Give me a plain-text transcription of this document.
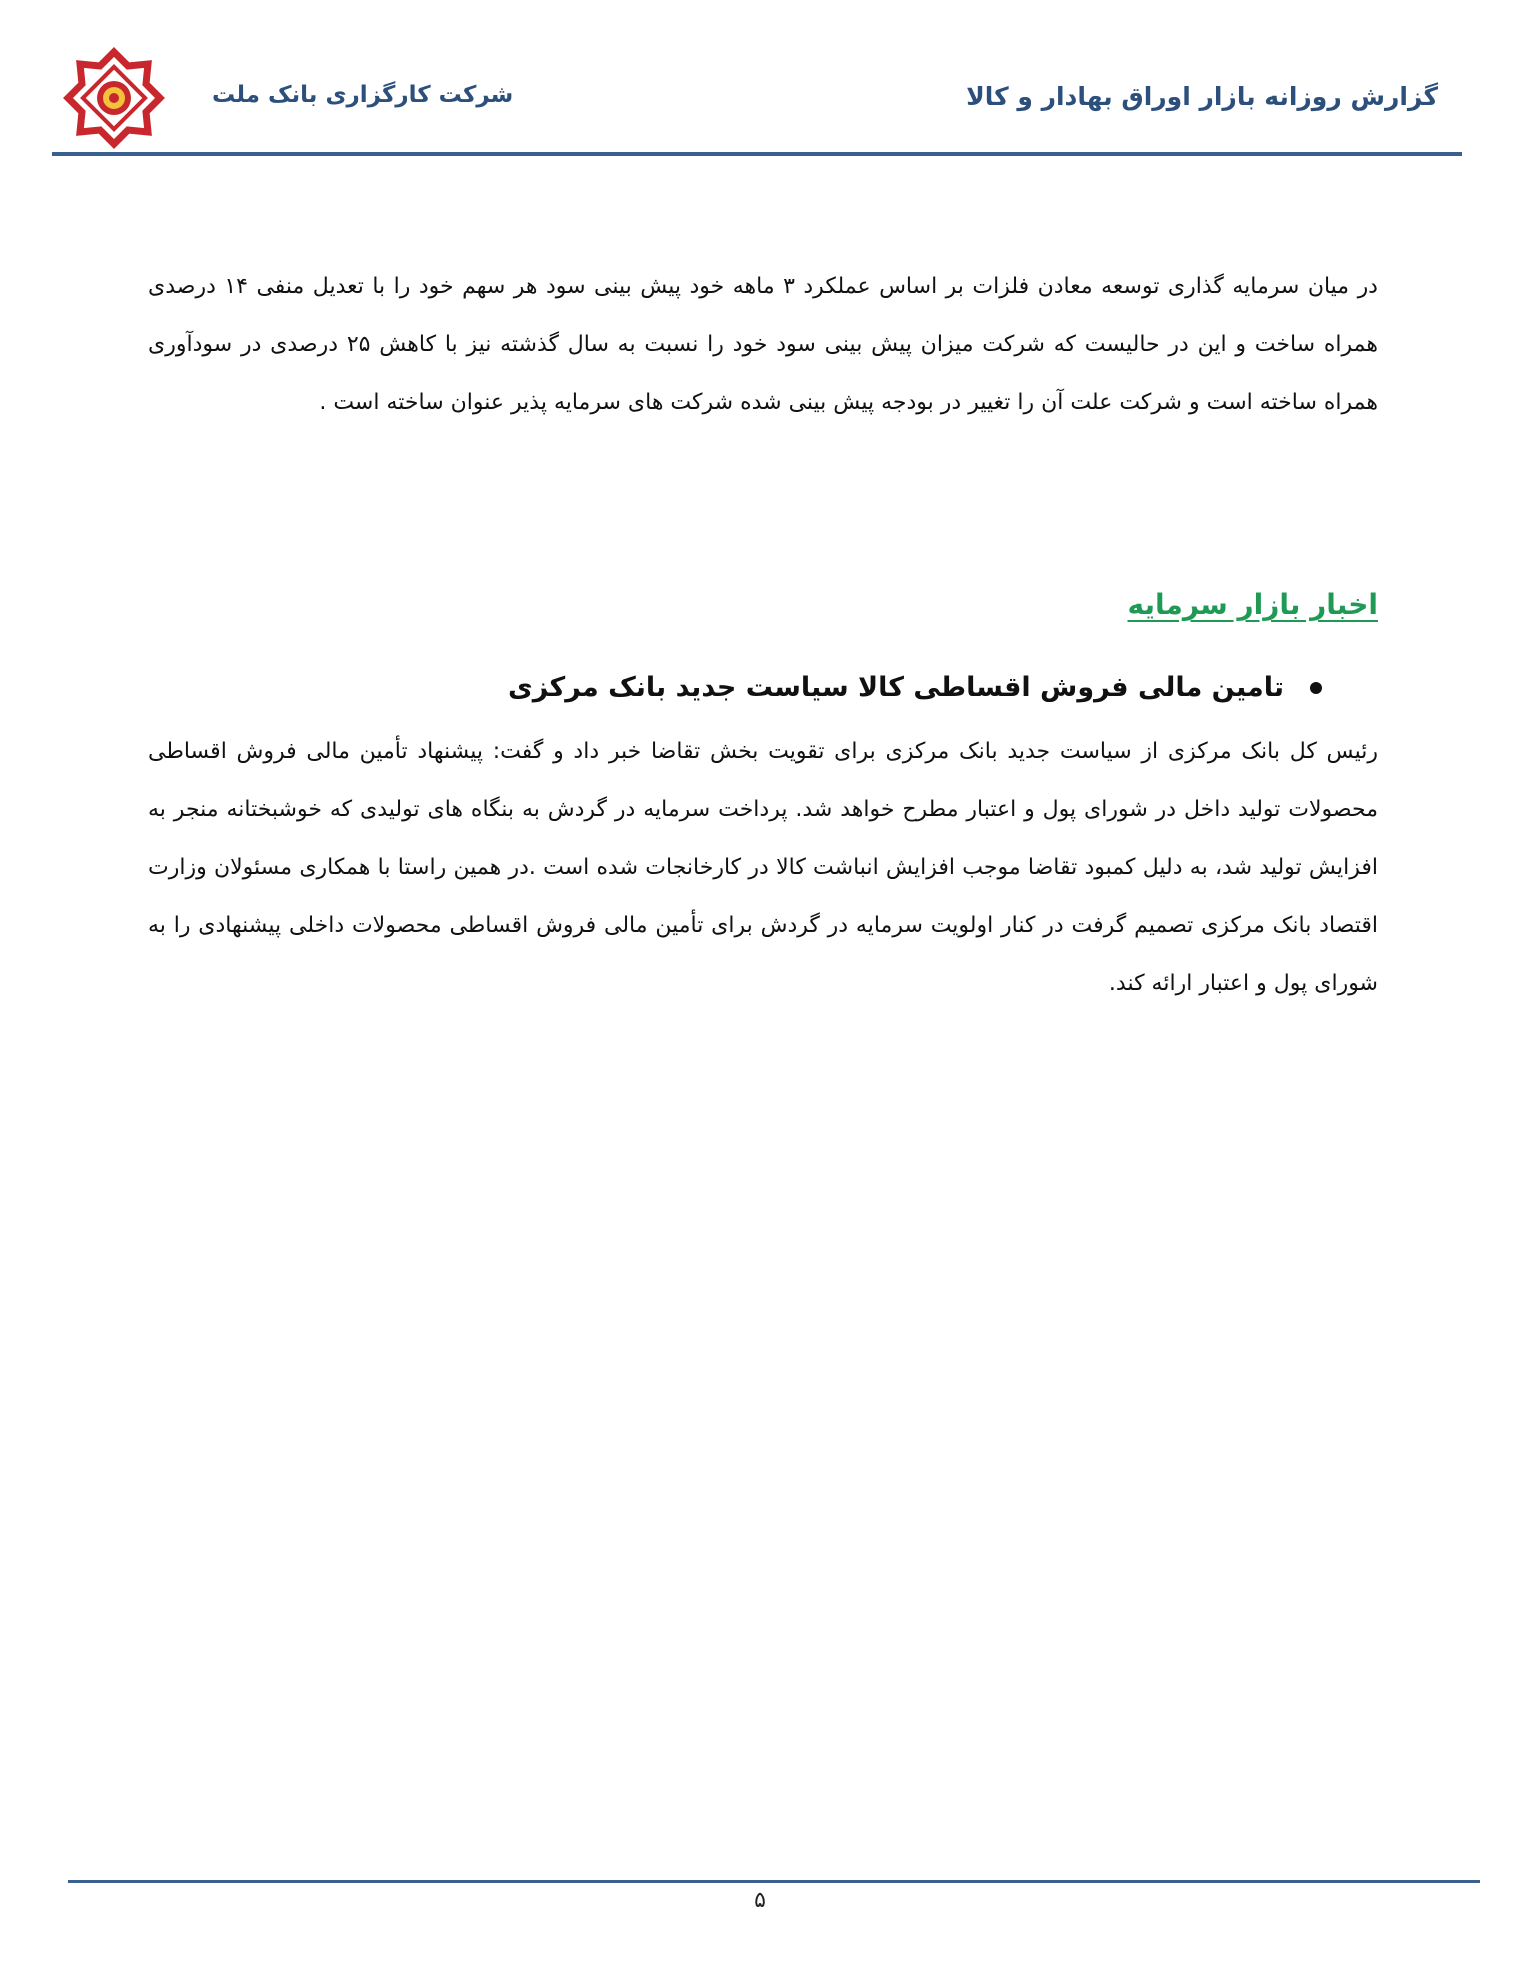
گزارش روزانه بازار اوراق بهادار و کالا
شرکت کارگزاری بانک ملت
در میان سرمایه گذاری توسعه معادن فلزات بر اساس عملکرد ۳ ماهه خود پیش بینی سود هر سهم خود را با تعدیل منفی ۱۴ درصدی همراه ساخت و این در حالیست که شرکت میزان پیش بینی سود خود را نسبت به سال گذشته نیز با کاهش ۲۵ درصدی در سودآوری همراه ساخته است و شرکت علت آن را تغییر در بودجه پیش بینی شده شرکت های سرمایه پذیر عنوان ساخته است .
اخبار بازار سرمایه
تامین مالی فروش اقساطی کالا سیاست جدید بانک مرکزی
رئیس کل بانک مرکزی از سیاست جدید بانک مرکزی برای تقویت بخش تقاضا خبر داد و گفت: پیشنهاد تأمین مالی فروش اقساطی محصولات تولید داخل در شورای پول و اعتبار مطرح خواهد شد. پرداخت سرمایه در گردش به بنگاه های تولیدی که خوشبختانه منجر به افزایش تولید شد، به دلیل کمبود تقاضا موجب افزایش انباشت کالا در کارخانجات شده است .در همین راستا با همکاری مسئولان وزارت اقتصاد بانک مرکزی تصمیم گرفت در کنار اولویت سرمایه در گردش برای تأمین مالی فروش اقساطی محصولات داخلی پیشنهادی را به شورای پول و اعتبار ارائه کند.
۵
